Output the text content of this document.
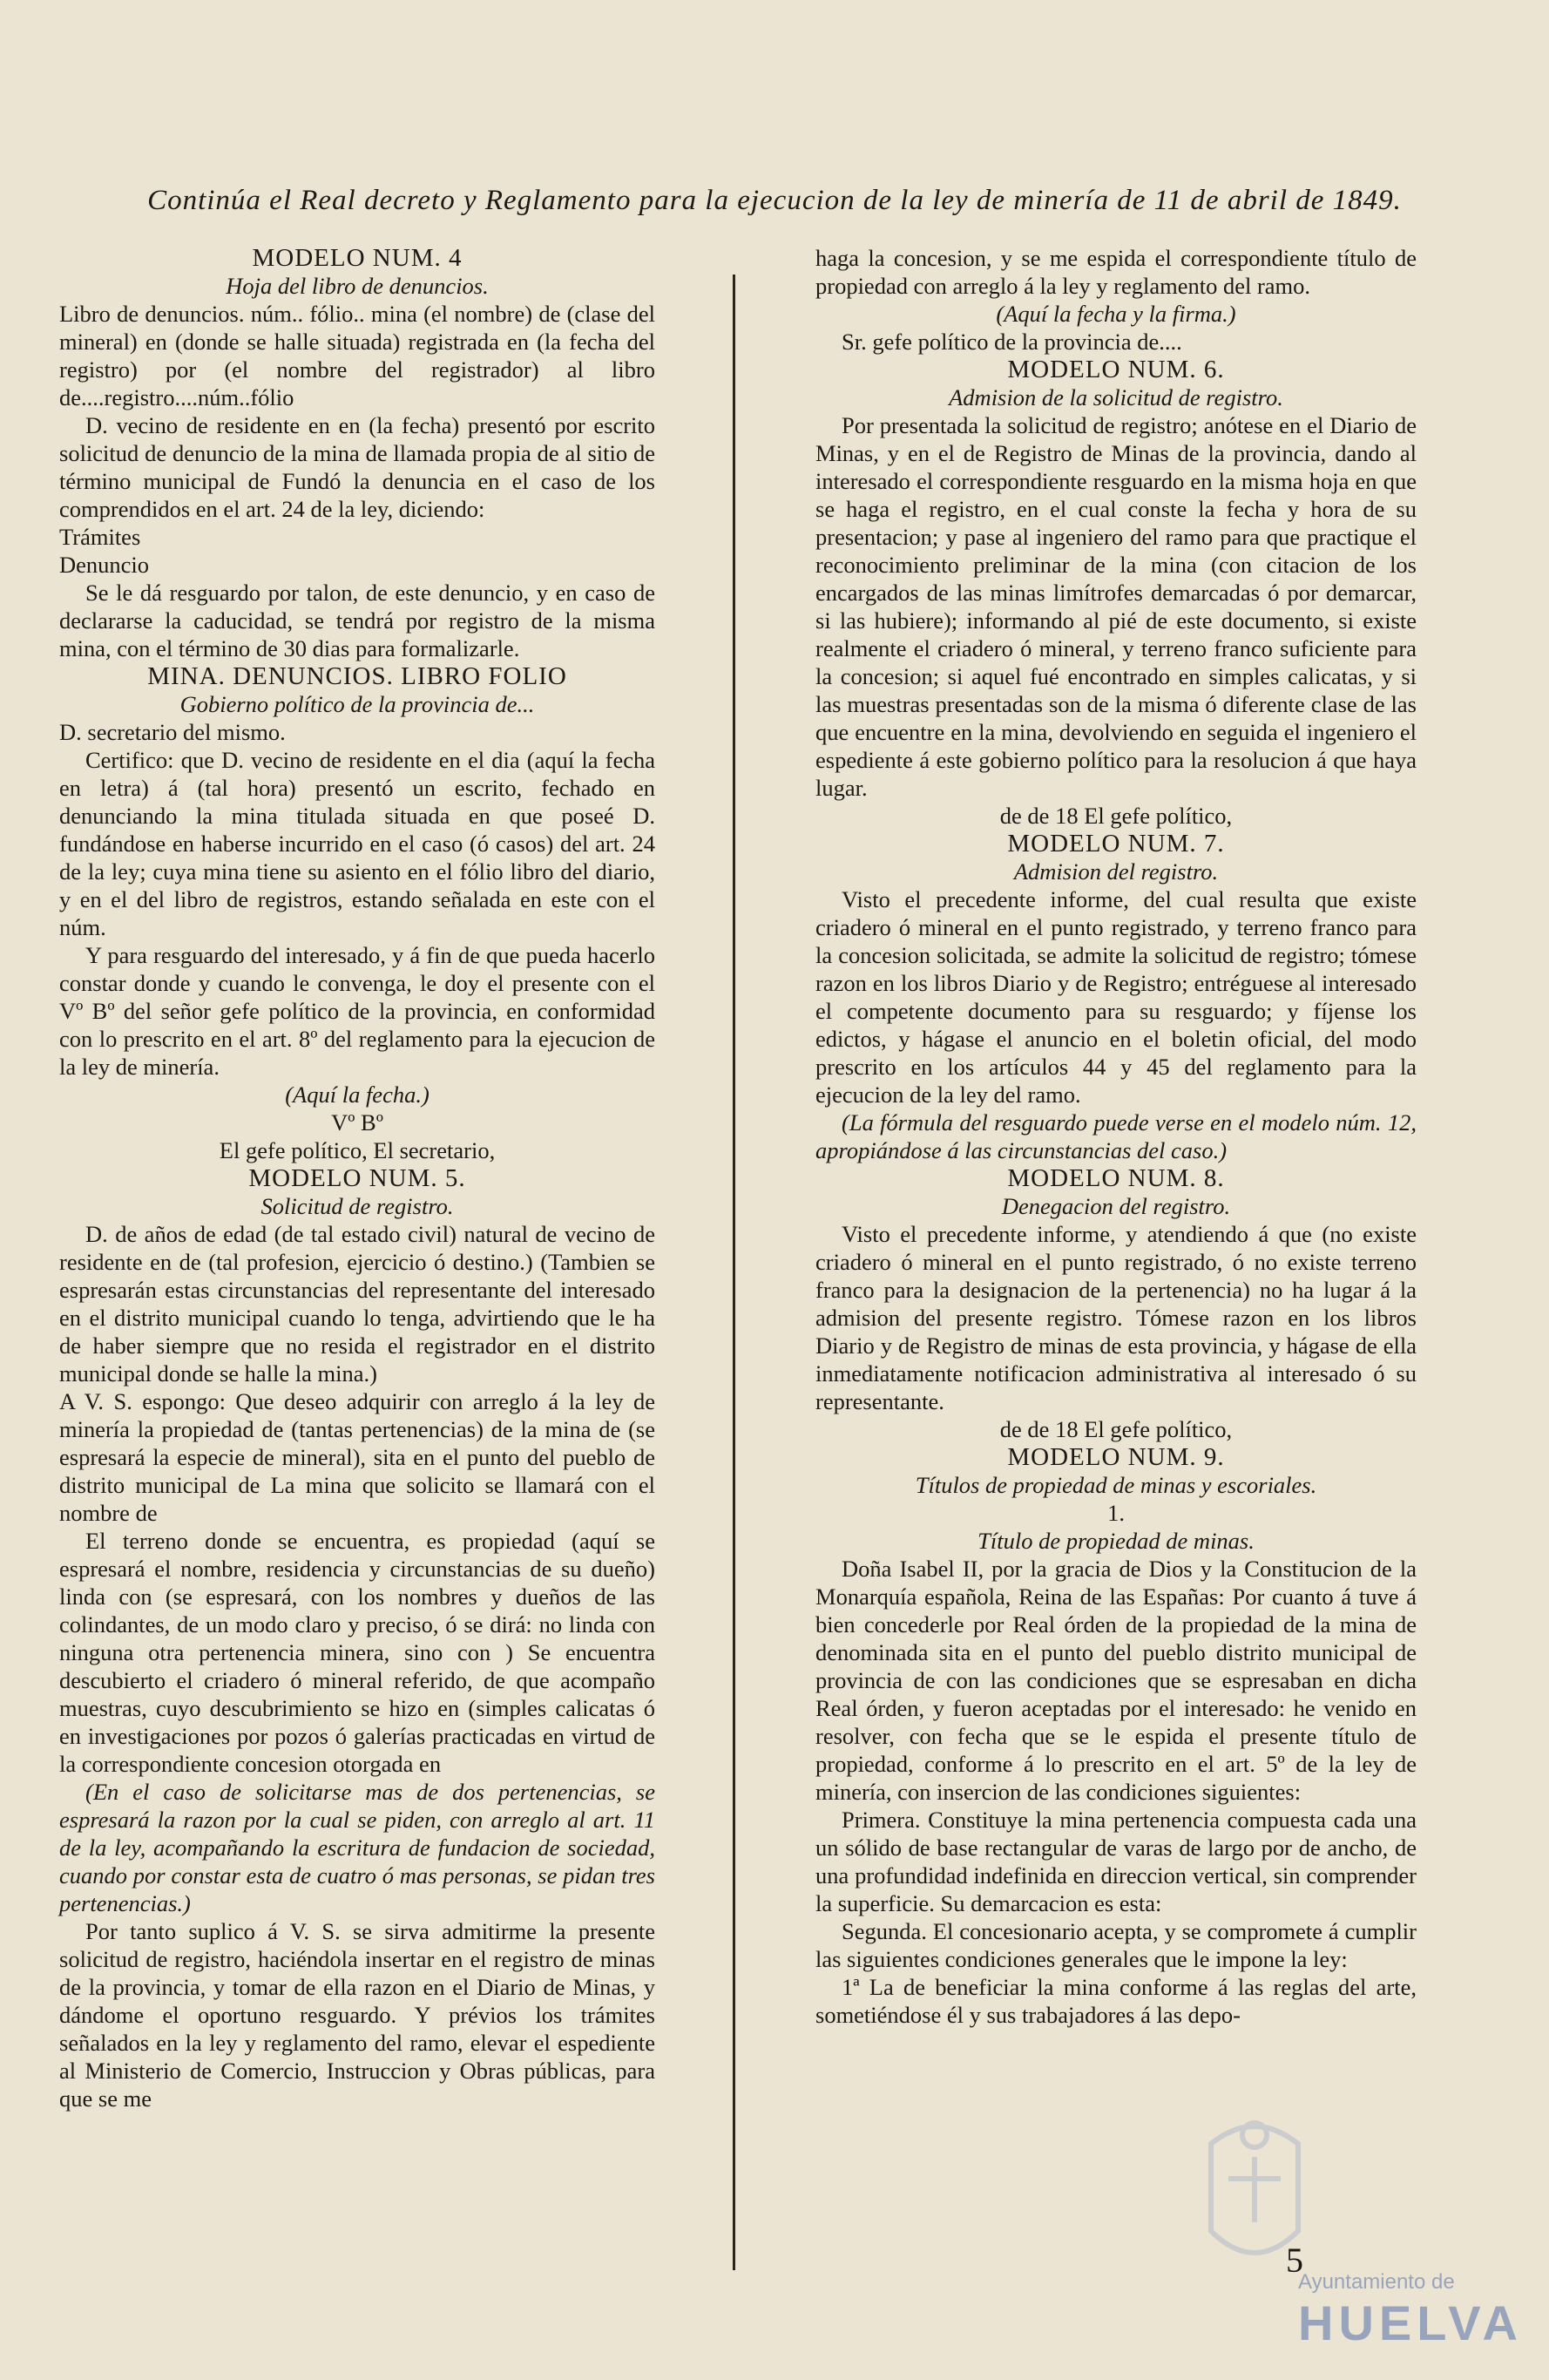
Continúa el Real decreto y Reglamento para la ejecucion de la ley de minería de 11 de abril de 1849.

MODELO NUM. 4

Hoja del libro de denuncios.

Libro de denuncios. núm.. fólio.. mina (el nombre) de (clase del mineral) en (donde se halle situada) registrada en (la fecha del registro) por (el nombre del registrador) al libro de....registro....núm..fólio

D. vecino de residente en en (la fecha) presentó por escrito solicitud de denuncio de la mina de llamada propia de al sitio de término municipal de Fundó la denuncia en el caso de los comprendidos en el art. 24 de la ley, diciendo:

Trámites

Denuncio

Se le dá resguardo por talon, de este denuncio, y en caso de declararse la caducidad, se tendrá por registro de la misma mina, con el término de 30 dias para formalizarle.

MINA. DENUNCIOS. LIBRO FOLIO

Gobierno político de la provincia de...

D. secretario del mismo.

Certifico: que D. vecino de residente en el dia (aquí la fecha en letra) á (tal hora) presentó un escrito, fechado en denunciando la mina titulada situada en que poseé D. fundándose en haberse incurrido en el caso (ó casos) del art. 24 de la ley; cuya mina tiene su asiento en el fólio libro del diario, y en el del libro de registros, estando señalada en este con el núm.

Y para resguardo del interesado, y á fin de que pueda hacerlo constar donde y cuando le convenga, le doy el presente con el Vº Bº del señor gefe político de la provincia, en conformidad con lo prescrito en el art. 8º del reglamento para la ejecucion de la ley de minería.

(Aquí la fecha.)

Vº Bº

El gefe político, El secretario,

MODELO NUM. 5.

Solicitud de registro.

D. de años de edad (de tal estado civil) natural de vecino de residente en de (tal profesion, ejercicio ó destino.) (Tambien se espresarán estas circunstancias del representante del interesado en el distrito municipal cuando lo tenga, advirtiendo que le ha de haber siempre que no resida el registrador en el distrito municipal donde se halle la mina.)

A V. S. espongo: Que deseo adquirir con arreglo á la ley de minería la propiedad de (tantas pertenencias) de la mina de (se espresará la especie de mineral), sita en el punto del pueblo de distrito municipal de La mina que solicito se llamará con el nombre de

El terreno donde se encuentra, es propiedad (aquí se espresará el nombre, residencia y circunstancias de su dueño) linda con (se espresará, con los nombres y dueños de las colindantes, de un modo claro y preciso, ó se dirá: no linda con ninguna otra pertenencia minera, sino con ) Se encuentra descubierto el criadero ó mineral referido, de que acompaño muestras, cuyo descubrimiento se hizo en (simples calicatas ó en investigaciones por pozos ó galerías practicadas en virtud de la correspondiente concesion otorgada en

(En el caso de solicitarse mas de dos pertenencias, se espresará la razon por la cual se piden, con arreglo al art. 11 de la ley, acompañando la escritura de fundacion de sociedad, cuando por constar esta de cuatro ó mas personas, se pidan tres pertenencias.)

Por tanto suplico á V. S. se sirva admitirme la presente solicitud de registro, haciéndola insertar en el registro de minas de la provincia, y tomar de ella razon en el Diario de Minas, y dándome el oportuno resguardo. Y prévios los trámites señalados en la ley y reglamento del ramo, elevar el espediente al Ministerio de Comercio, Instruccion y Obras públicas, para que se me

haga la concesion, y se me espida el correspondiente título de propiedad con arreglo á la ley y reglamento del ramo.

(Aquí la fecha y la firma.)

Sr. gefe político de la provincia de....

MODELO NUM. 6.

Admision de la solicitud de registro.

Por presentada la solicitud de registro; anótese en el Diario de Minas, y en el de Registro de Minas de la provincia, dando al interesado el correspondiente resguardo en la misma hoja en que se haga el registro, en el cual conste la fecha y hora de su presentacion; y pase al ingeniero del ramo para que practique el reconocimiento preliminar de la mina (con citacion de los encargados de las minas limítrofes demarcadas ó por demarcar, si las hubiere); informando al pié de este documento, si existe realmente el criadero ó mineral, y terreno franco suficiente para la concesion; si aquel fué encontrado en simples calicatas, y si las muestras presentadas son de la misma ó diferente clase de las que encuentre en la mina, devolviendo en seguida el ingeniero el espediente á este gobierno político para la resolucion á que haya lugar.

de de 18 El gefe político,

MODELO NUM. 7.

Admision del registro.

Visto el precedente informe, del cual resulta que existe criadero ó mineral en el punto registrado, y terreno franco para la concesion solicitada, se admite la solicitud de registro; tómese razon en los libros Diario y de Registro; entréguese al interesado el competente documento para su resguardo; y fíjense los edictos, y hágase el anuncio en el boletin oficial, del modo prescrito en los artículos 44 y 45 del reglamento para la ejecucion de la ley del ramo.

(La fórmula del resguardo puede verse en el modelo núm. 12, apropiándose á las circunstancias del caso.)

MODELO NUM. 8.

Denegacion del registro.

Visto el precedente informe, y atendiendo á que (no existe criadero ó mineral en el punto registrado, ó no existe terreno franco para la designacion de la pertenencia) no ha lugar á la admision del presente registro. Tómese razon en los libros Diario y de Registro de minas de esta provincia, y hágase de ella inmediatamente notificacion administrativa al interesado ó su representante.

de de 18 El gefe político,

MODELO NUM. 9.

Títulos de propiedad de minas y escoriales.

1.

Título de propiedad de minas.

Doña Isabel II, por la gracia de Dios y la Constitucion de la Monarquía española, Reina de las Españas: Por cuanto á tuve á bien concederle por Real órden de la propiedad de la mina de denominada sita en el punto del pueblo distrito municipal de provincia de con las condiciones que se espresaban en dicha Real órden, y fueron aceptadas por el interesado: he venido en resolver, con fecha que se le espida el presente título de propiedad, conforme á lo prescrito en el art. 5º de la ley de minería, con insercion de las condiciones siguientes:

Primera. Constituye la mina pertenencia compuesta cada una un sólido de base rectangular de varas de largo por de ancho, de una profundidad indefinida en direccion vertical, sin comprender la superficie. Su demarcacion es esta:

Segunda. El concesionario acepta, y se compromete á cumplir las siguientes condiciones generales que le impone la ley:

1ª La de beneficiar la mina conforme á las reglas del arte, sometiéndose él y sus trabajadores á las depo-

5
Ayuntamiento de
HUELVA
